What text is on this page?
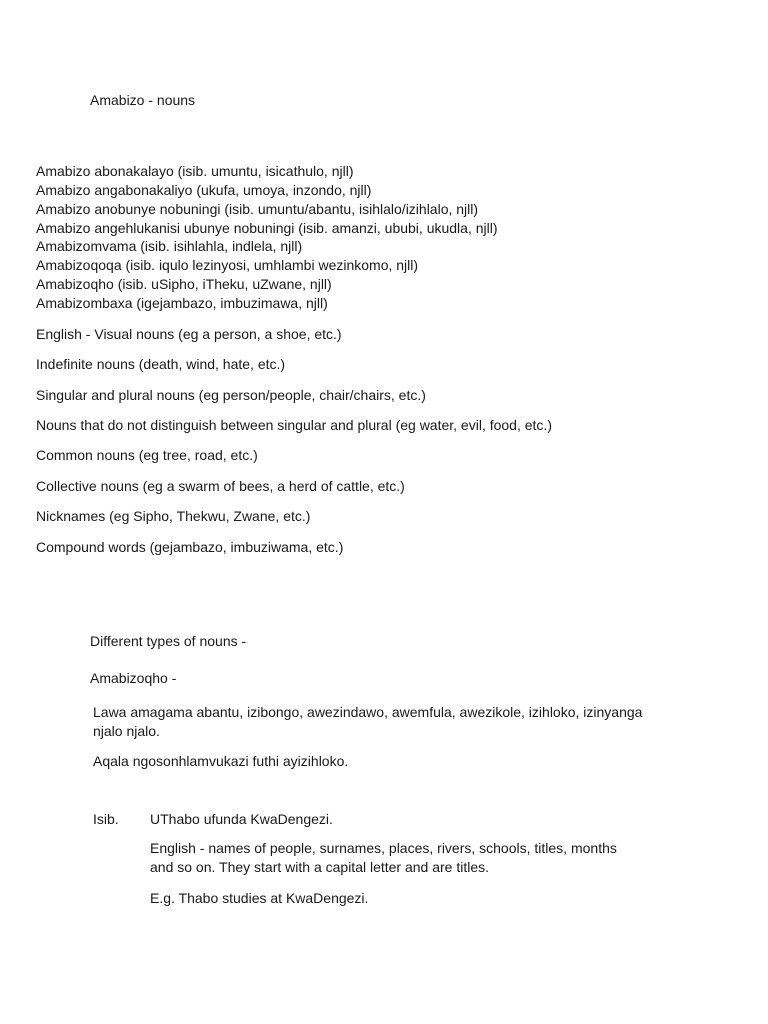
Amabizo - nouns
Amabizo abonakalayo (isib. umuntu, isicathulo, njll)
Amabizo angabonakaliyo (ukufa, umoya, inzondo, njll)
Amabizo anobunye nobuningi (isib. umuntu/abantu, isihlalo/izihlalo, njll)
Amabizo angehlukanisi ubunye nobuningi (isib. amanzi, ububi, ukudla, njll)
Amabizomvama (isib. isihlahla, indlela, njll)
Amabizoqoqa (isib. iqulo lezinyosi, umhlambi wezinkomo, njll)
Amabizoqho (isib. uSipho, iTheku, uZwane, njll)
Amabizombaxa (igejambazo, imbuzimawa, njll)
English - Visual nouns (eg a person, a shoe, etc.)
Indefinite nouns (death, wind, hate, etc.)
Singular and plural nouns (eg person/people, chair/chairs, etc.)
Nouns that do not distinguish between singular and plural (eg water, evil, food, etc.)
Common nouns (eg tree, road, etc.)
Collective nouns (eg a swarm of bees, a herd of cattle, etc.)
Nicknames (eg Sipho, Thekwu, Zwane, etc.)
Compound words (gejambazo, imbuziwama, etc.)
Different types of nouns -
Amabizoqho -

Lawa amagama abantu, izibongo, awezindawo, awemfula, awezikole, izihloko, izinyanga njalo njalo.

Aqala ngosonhlamvukazi futhi ayizihloko.

Isib. UThabo ufunda KwaDengezi.

English - names of people, surnames, places, rivers, schools, titles, months and so on. They start with a capital letter and are titles.

E.g. Thabo studies at KwaDengezi.
